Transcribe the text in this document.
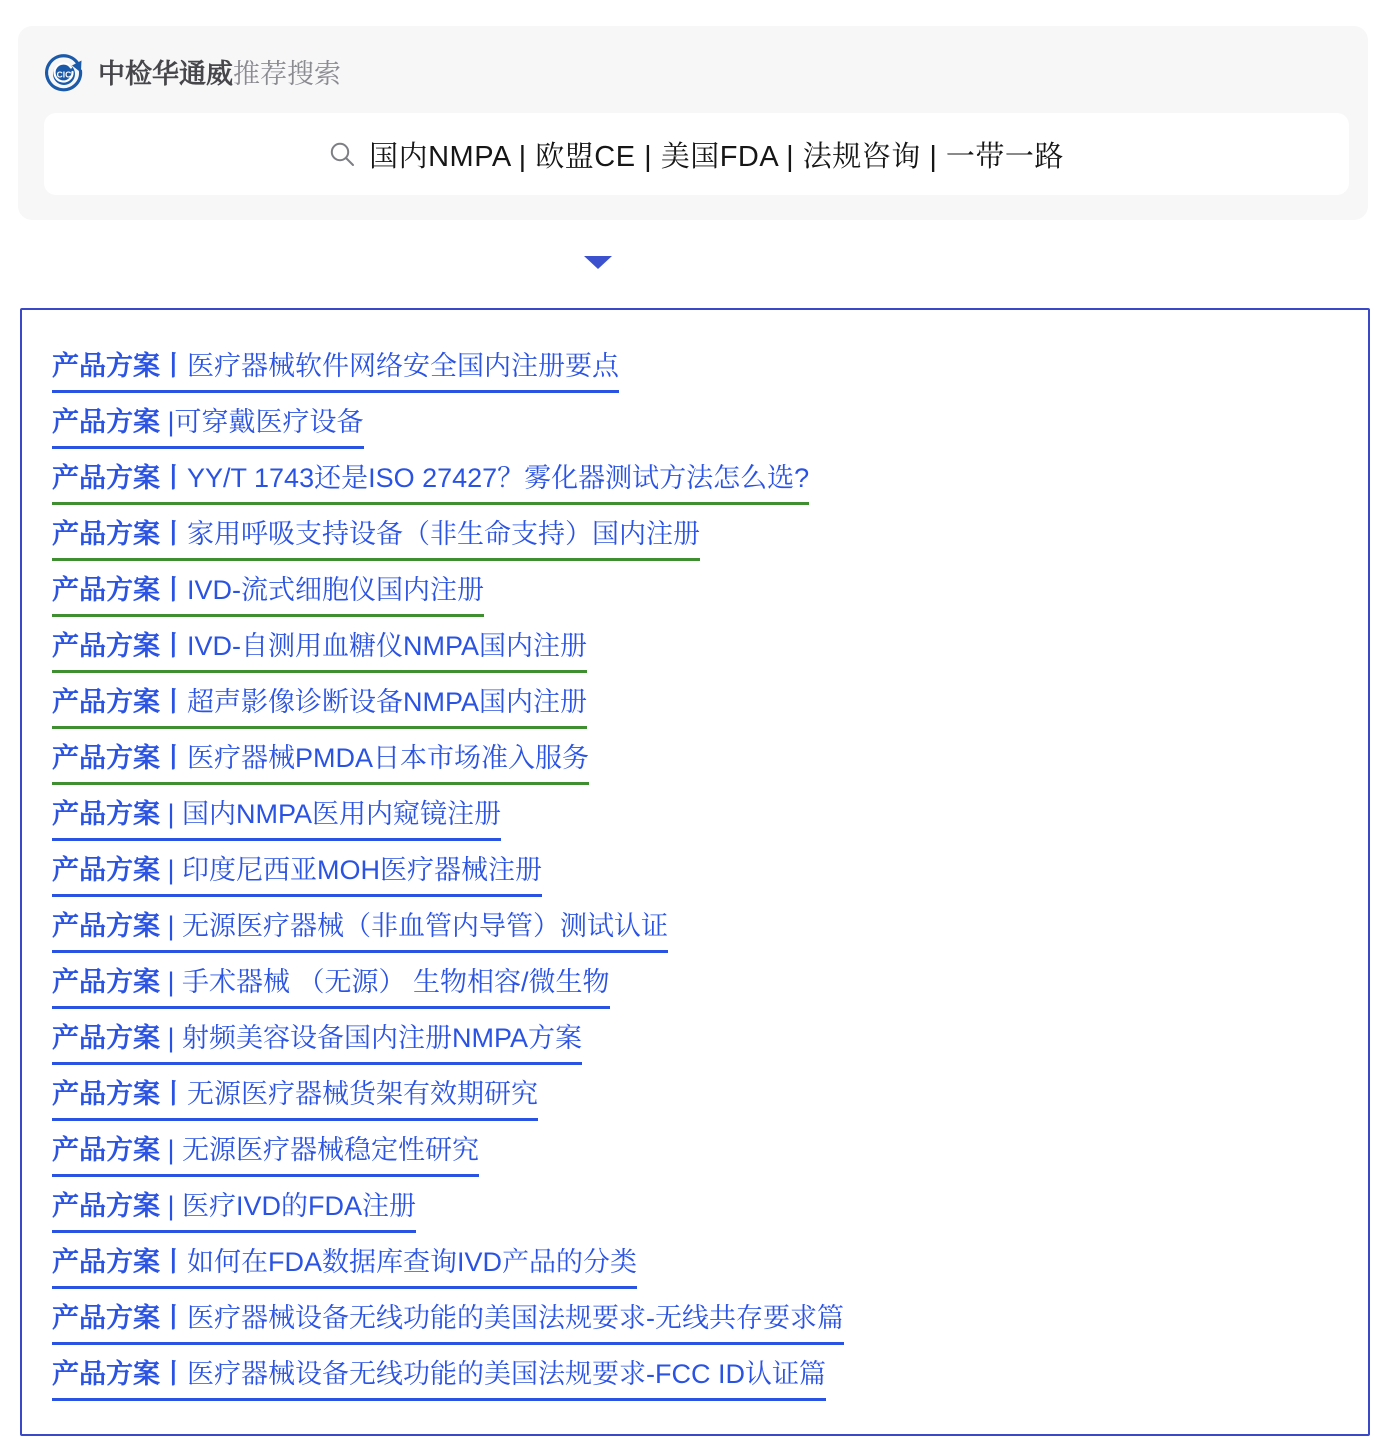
CIC 中检华通威推荐搜索
国内NMPA | 欧盟CE | 美国FDA | 法规咨询 | 一带一路
产品方案丨医疗器械软件网络安全国内注册要点
产品方案 |可穿戴医疗设备
产品方案丨YY/T 1743还是ISO 27427？雾化器测试方法怎么选?
产品方案丨家用呼吸支持设备（非生命支持）国内注册
产品方案丨IVD-流式细胞仪国内注册
产品方案丨IVD-自测用血糖仪NMPA国内注册
产品方案丨超声影像诊断设备NMPA国内注册
产品方案丨医疗器械PMDA日本市场准入服务
产品方案 | 国内NMPA医用内窥镜注册
产品方案 | 印度尼西亚MOH医疗器械注册
产品方案 | 无源医疗器械（非血管内导管）测试认证
产品方案 | 手术器械 （无源） 生物相容/微生物
产品方案 | 射频美容设备国内注册NMPA方案
产品方案丨无源医疗器械货架有效期研究
产品方案 | 无源医疗器械稳定性研究
产品方案 | 医疗IVD的FDA注册
产品方案丨如何在FDA数据库查询IVD产品的分类
产品方案丨医疗器械设备无线功能的美国法规要求-无线共存要求篇
产品方案丨医疗器械设备无线功能的美国法规要求-FCC ID认证篇
